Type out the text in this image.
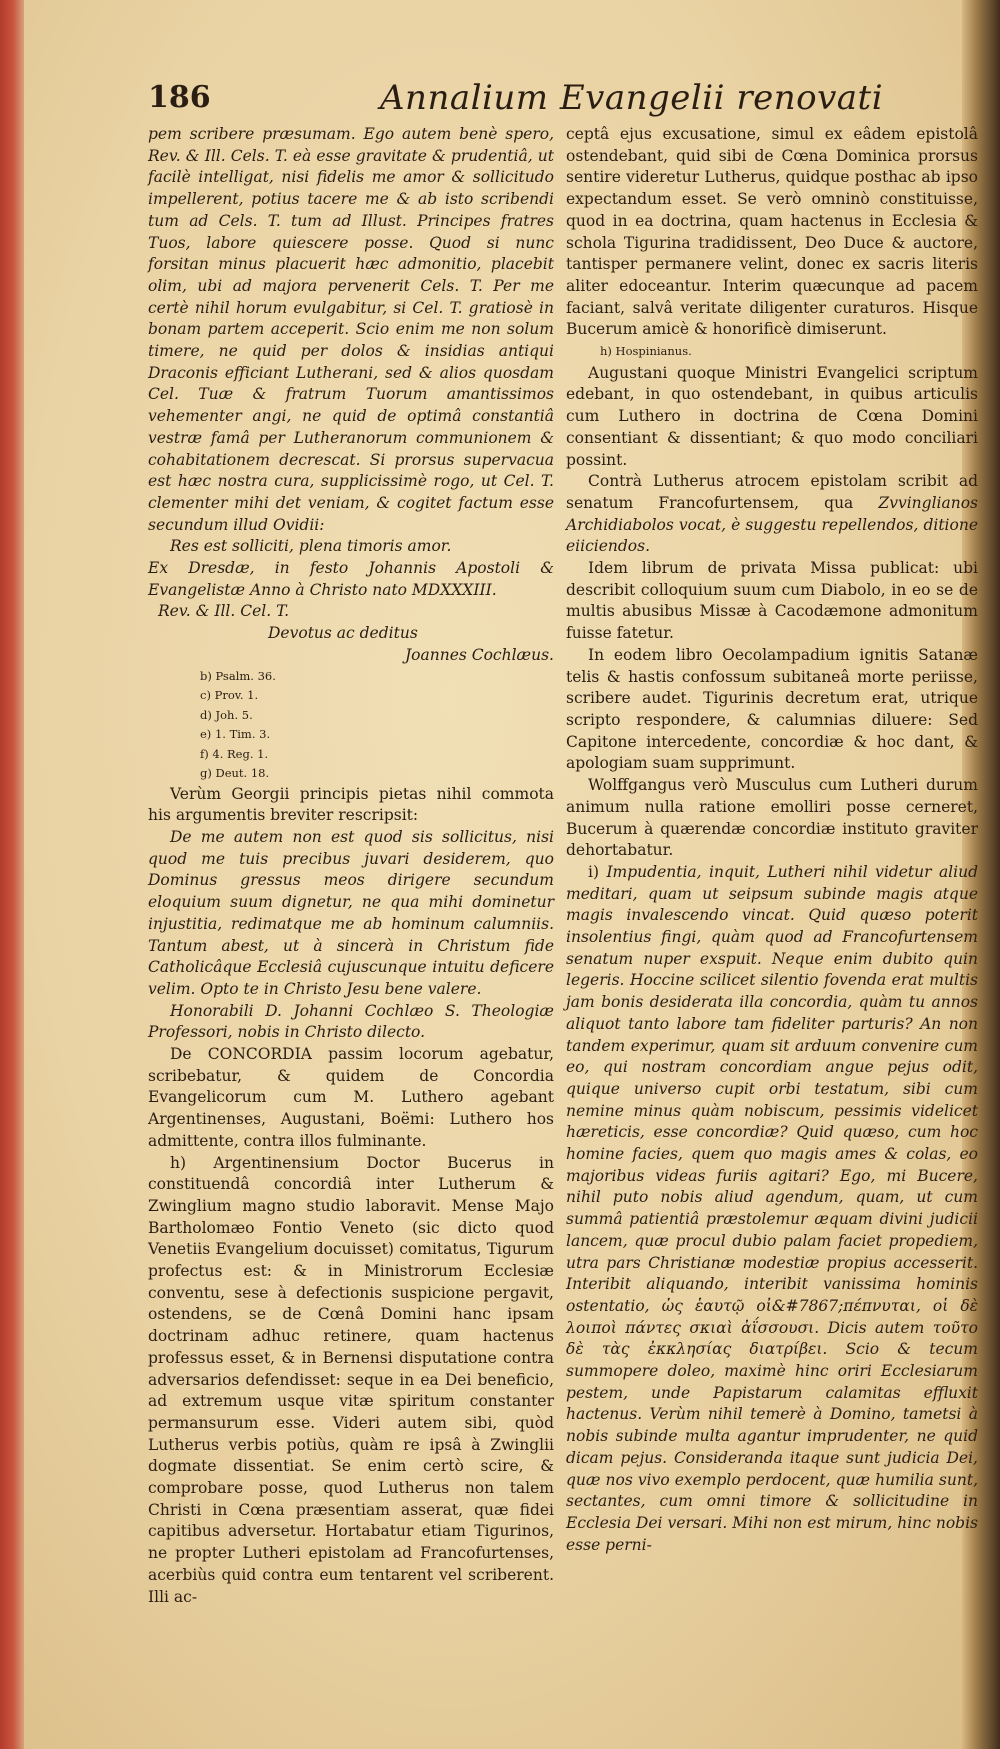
186	Annalium Evangelii renovati

pem scribere præsumam. Ego autem benè spero, Rev. & Ill. Cels. T. eà esse gravitate & prudentiâ, ut facilè intelligat, nisi fidelis me amor & sollicitudo impellerent, potius tacere me & ab isto scribendi tum ad Cels. T. tum ad Illust. Principes fratres Tuos, labore quiescere posse. Quod si nunc forsitan minus placuerit hæc admonitio, placebit olim, ubi ad majora pervenerit Cels. T. Per me certè nihil horum evulgabitur, si Cel. T. gratiosè in bonam partem acceperit. Scio enim me non solum timere, ne quid per dolos & insidias antiqui Draconis efficiant Lutherani, sed & alios quosdam Cel. Tuæ & fratrum Tuorum amantissimos vehementer angi, ne quid de optimâ constantiâ vestræ famâ per Lutheranorum communionem & cohabitationem decrescat. Si prorsus supervacua est hæc nostra cura, supplicissimè rogo, ut Cel. T. clementer mihi det veniam, & cogitet factum esse secundum illud Ovidii:

Res est solliciti, plena timoris amor.

Ex Dresdæ, in festo Johannis Apostoli & Evangelistæ Anno à Christo nato MDXXXIII.

Rev. & Ill. Cel. T.

Devotus ac deditus

Joannes Cochlæus.

b) Psalm. 36.
c) Prov. 1.
d) Joh. 5.
e) 1. Tim. 3.
f) 4. Reg. 1.
g) Deut. 18.

Verùm Georgii principis pietas nihil commota his argumentis breviter rescripsit:

De me autem non est quod sis sollicitus, nisi quod me tuis precibus juvari desiderem, quo Dominus gressus meos dirigere secundum eloquium suum dignetur, ne qua mihi dominetur injustitia, redimatque me ab hominum calumniis. Tantum abest, ut à sincerà in Christum fide Catholicâque Ecclesiâ cujuscunque intuitu deficere velim. Opto te in Christo Jesu bene valere.

Honorabili D. Johanni Cochlæo S. Theologiæ Professori, nobis in Christo dilecto.

De CONCORDIA passim locorum agebatur, scribebatur, & quidem de Concordia Evangelicorum cum M. Luthero agebant Argentinenses, Augustani, Boëmi: Luthero hos admittente, contra illos fulminante.

h) Argentinensium Doctor Bucerus in constituendâ concordiâ inter Lutherum & Zwinglium magno studio laboravit. Mense Majo Bartholomæo Fontio Veneto (sic dicto quod Venetiis Evangelium docuisset) comitatus, Tigurum profectus est: & in Ministrorum Ecclesiæ conventu, sese à defectionis suspicione pergavit, ostendens, se de Cœnâ Domini hanc ipsam doctrinam adhuc retinere, quam hactenus professus esset, & in Bernensi disputatione contra adversarios defendisset: seque in ea Dei beneficio, ad extremum usque vitæ spiritum constanter permansurum esse. Videri autem sibi, quòd Lutherus verbis potiùs, quàm re ipsâ à Zwinglii dogmate dissentiat. Se enim certò scire, & comprobare posse, quod Lutherus non talem Christi in Cœna præsentiam asserat, quæ fidei capitibus adversetur. Hortabatur etiam Tigurinos, ne propter Lutheri epistolam ad Francofurtenses, acerbiùs quid contra eum tentarent vel scriberent. Illi ac-

ceptâ ejus excusatione, simul ex eâdem epistolâ ostendebant, quid sibi de Cœna Dominica prorsus sentire videretur Lutherus, quidque posthac ab ipso expectandum esset. Se verò omninò constituisse, quod in ea doctrina, quam hactenus in Ecclesia & schola Tigurina tradidissent, Deo Duce & auctore, tantisper permanere velint, donec ex sacris literis aliter edoceantur. Interim quæcunque ad pacem faciant, salvâ veritate diligenter curaturos. Hisque Bucerum amicè & honorificè dimiserunt.

h) Hospinianus.

Augustani quoque Ministri Evangelici scriptum edebant, in quo ostendebant, in quibus articulis cum Luthero in doctrina de Cœna Domini consentiant & dissentiant; & quo modo conciliari possint.

Contrà Lutherus atrocem epistolam scribit ad senatum Francofurtensem, qua Zvvinglianos Archidiabolos vocat, è suggestu repellendos, ditione eiiciendos.

Idem librum de privata Missa publicat: ubi describit colloquium suum cum Diabolo, in eo se de multis abusibus Missæ à Cacodæmone admonitum fuisse fatetur.

In eodem libro Oecolampadium ignitis Satanæ telis & hastis confossum subitaneâ morte periisse, scribere audet. Tigurinis decretum erat, utrique scripto respondere, & calumnias diluere: Sed Capitone intercedente, concordiæ & hoc dant, & apologiam suam supprimunt.

Wolffgangus verò Musculus cum Lutheri durum animum nulla ratione emolliri posse cerneret, Bucerum à quærendæ concordiæ instituto graviter dehortabatur.

i) Impudentia, inquit, Lutheri nihil videtur aliud meditari, quam ut seipsum subinde magis atque magis invalescendo vincat. Quid quæso poterit insolentius fingi, quàm quod ad Francofurtensem senatum nuper exspuit. Neque enim dubito quin legeris. Hoccine scilicet silentio fovenda erat multis jam bonis desiderata illa concordia, quàm tu annos aliquot tanto labore tam fideliter parturis? An non tandem experimur, quam sit arduum convenire cum eo, qui nostram concordiam angue pejus odit, quique universo cupit orbi testatum, sibi cum nemine minus quàm nobiscum, pessimis videlicet hæreticis, esse concordiæ? Quid quæso, cum hoc homine facies, quem quo magis ames & colas, eo majoribus videas furiis agitari? Ego, mi Bucere, nihil puto nobis aliud agendum, quam, ut cum summâ patientiâ præstolemur æquam divini judicii lancem, quæ procul dubio palam faciet propediem, utra pars Christianæ modestiæ propius accesserit. Interibit aliquando, interibit vanissima hominis ostentatio, ὡς ἑαυτῷ οἰ&#7867;πέπνυται, οἱ δὲ λοιποὶ πάντες σκιαὶ ἀΐσσουσι. Dicis autem τοῦτο δὲ τὰς ἐκκλησίας διατρίβει. Scio & tecum summopere doleo, maximè hinc oriri Ecclesiarum pestem, unde Papistarum calamitas effluxit hactenus. Verùm nihil temerè à Domino, tametsi à nobis subinde multa agantur imprudenter, ne quid dicam pejus. Considerandа itaque sunt judicia Dei, quæ nos vivo exemplo perdocent, quæ humilia sunt, sectantes, cum omni timore & sollicitudine in Ecclesia Dei versari. Mihi non est mirum, hinc nobis esse perni-
